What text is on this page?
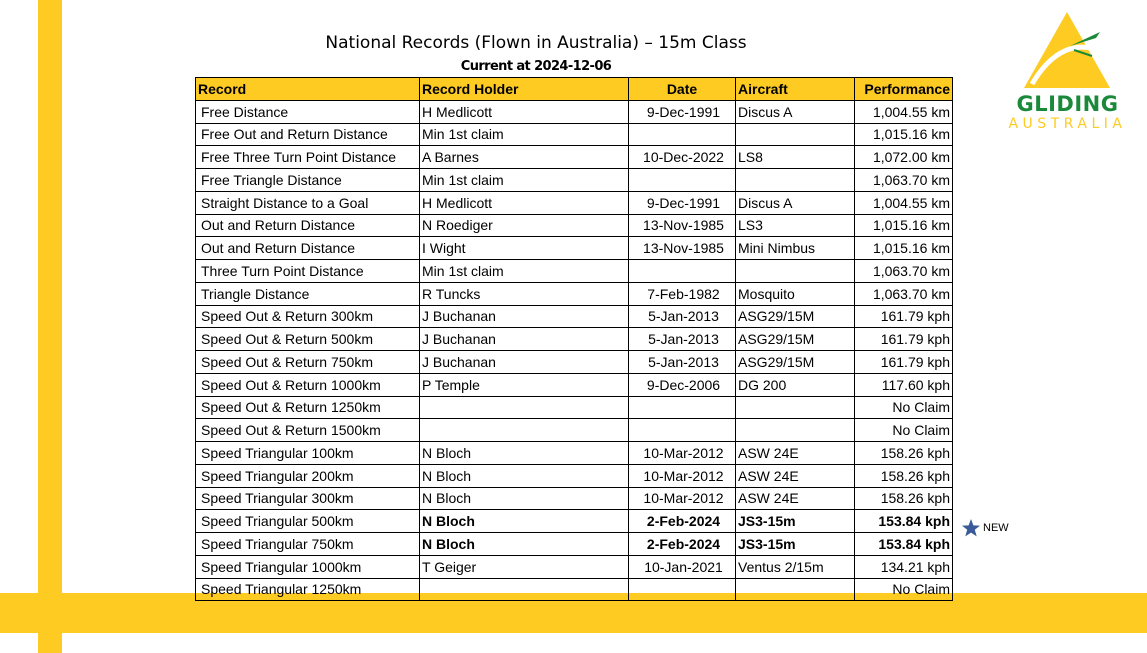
National Records (Flown in Australia) – 15m Class
Current at 2024-12-06
GLIDING
AUSTRALIA
Record	Record Holder	Date	Aircraft	Performance
Free Distance	H Medlicott	9-Dec-1991	Discus A	1,004.55 km
Free Out and Return Distance	Min 1st claim			1,015.16 km
Free Three Turn Point Distance	A Barnes	10-Dec-2022	LS8	1,072.00 km
Free Triangle Distance	Min 1st claim			1,063.70 km
Straight Distance to a Goal	H Medlicott	9-Dec-1991	Discus A	1,004.55 km
Out and Return Distance	N Roediger	13-Nov-1985	LS3	1,015.16 km
Out and Return Distance	I Wight	13-Nov-1985	Mini Nimbus	1,015.16 km
Three Turn Point Distance	Min 1st claim			1,063.70 km
Triangle Distance	R Tuncks	7-Feb-1982	Mosquito	1,063.70 km
Speed Out & Return 300km	J Buchanan	5-Jan-2013	ASG29/15M	161.79 kph
Speed Out & Return 500km	J Buchanan	5-Jan-2013	ASG29/15M	161.79 kph
Speed Out & Return 750km	J Buchanan	5-Jan-2013	ASG29/15M	161.79 kph
Speed Out & Return 1000km	P Temple	9-Dec-2006	DG 200	117.60 kph
Speed Out & Return 1250km				No Claim
Speed Out & Return 1500km				No Claim
Speed Triangular 100km	N Bloch	10-Mar-2012	ASW 24E	158.26 kph
Speed Triangular 200km	N Bloch	10-Mar-2012	ASW 24E	158.26 kph
Speed Triangular 300km	N Bloch	10-Mar-2012	ASW 24E	158.26 kph
Speed Triangular 500km	N Bloch	2-Feb-2024	JS3-15m	153.84 kph
Speed Triangular 750km	N Bloch	2-Feb-2024	JS3-15m	153.84 kph
Speed Triangular 1000km	T Geiger	10-Jan-2021	Ventus 2/15m	134.21 kph
Speed Triangular 1250km				No Claim
NEW
